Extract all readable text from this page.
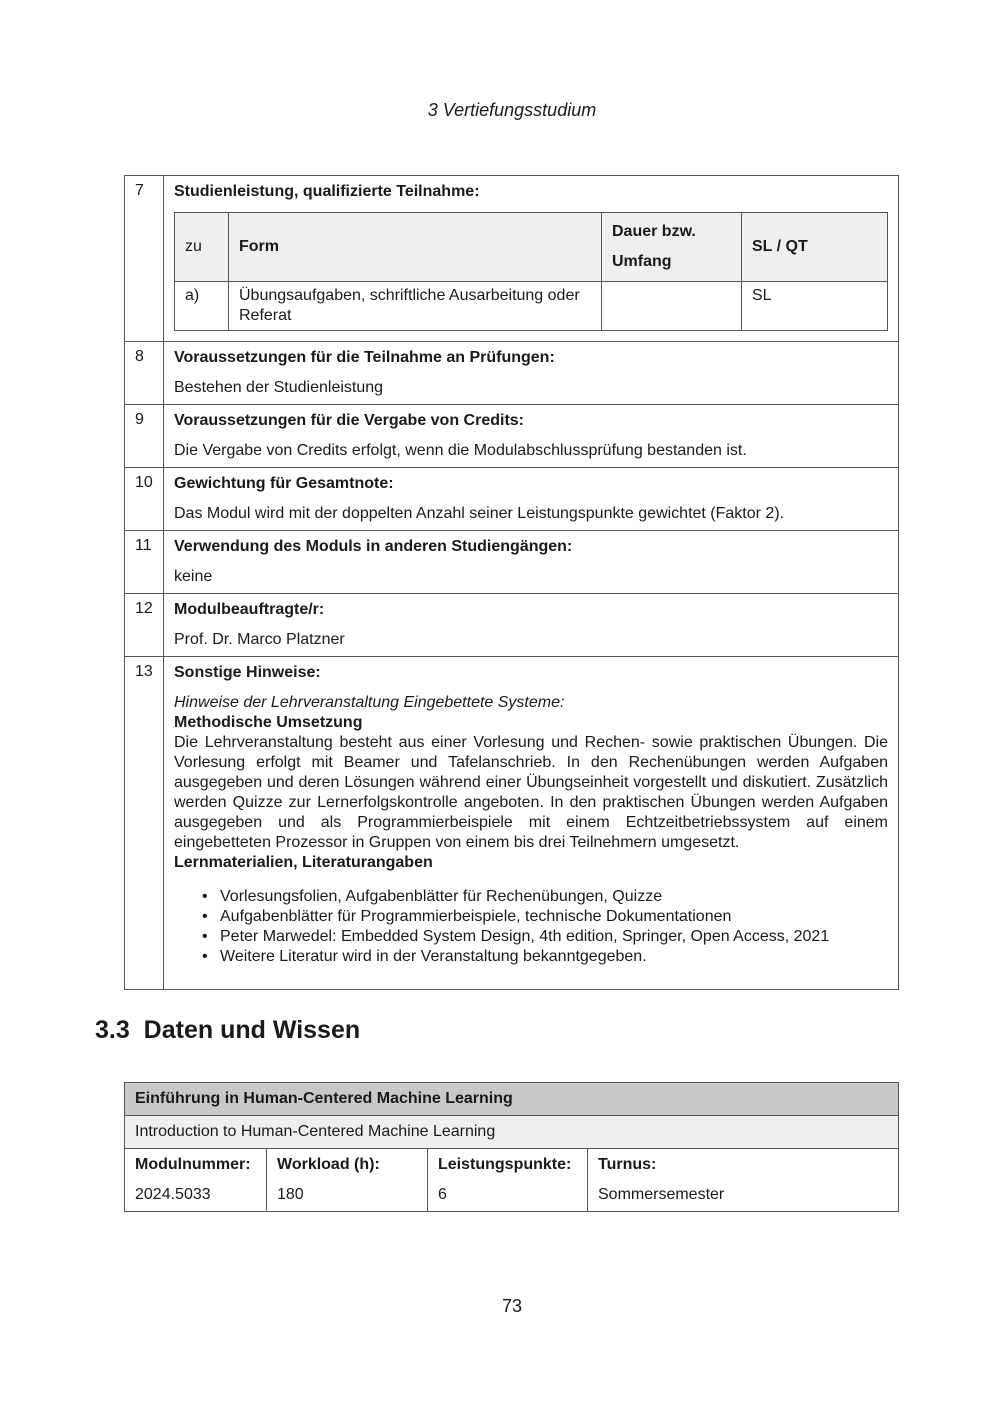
3 Vertiefungsstudium
7	Studienleistung, qualifizierte Teilnahme:
zu	Form	Dauer bzw. Umfang	SL / QT
a)	Übungsaufgaben, schriftliche Ausarbeitung oder Referat		SL

8	Voraussetzungen für die Teilnahme an Prüfungen:
Bestehen der Studienleistung

9	Voraussetzungen für die Vergabe von Credits:
Die Vergabe von Credits erfolgt, wenn die Modulabschlussprüfung bestanden ist.

10	Gewichtung für Gesamtnote:
Das Modul wird mit der doppelten Anzahl seiner Leistungspunkte gewichtet (Faktor 2).

11	Verwendung des Moduls in anderen Studiengängen:
keine

12	Modulbeauftragte/r:
Prof. Dr. Marco Platzner

13	Sonstige Hinweise:
Hinweise der Lehrveranstaltung Eingebettete Systeme:
Methodische Umsetzung
Die Lehrveranstaltung besteht aus einer Vorlesung und Rechen- sowie praktischen Übungen. Die Vorlesung erfolgt mit Beamer und Tafelanschrieb. In den Rechenübungen werden Aufgaben ausgegeben und deren Lösungen während einer Übungseinheit vorgestellt und diskutiert. Zusätzlich werden Quizze zur Lernerfolgskontrolle angeboten. In den praktischen Übungen werden Aufgaben ausgegeben und als Programmierbeispiele mit einem Echtzeitbetriebssystem auf einem eingebetteten Prozessor in Gruppen von einem bis drei Teilnehmern umgesetzt.
Lernmaterialien, Literaturangaben
• Vorlesungsfolien, Aufgabenblätter für Rechenübungen, Quizze
• Aufgabenblätter für Programmierbeispiele, technische Dokumentationen
• Peter Marwedel: Embedded System Design, 4th edition, Springer, Open Access, 2021
• Weitere Literatur wird in der Veranstaltung bekanntgegeben.
3.3 Daten und Wissen
Einführung in Human-Centered Machine Learning
Introduction to Human-Centered Machine Learning

Modulnummer:
2024.5033	
Workload (h):
180	
Leistungspunkte:
6	
Turnus:
Sommersemester
73
